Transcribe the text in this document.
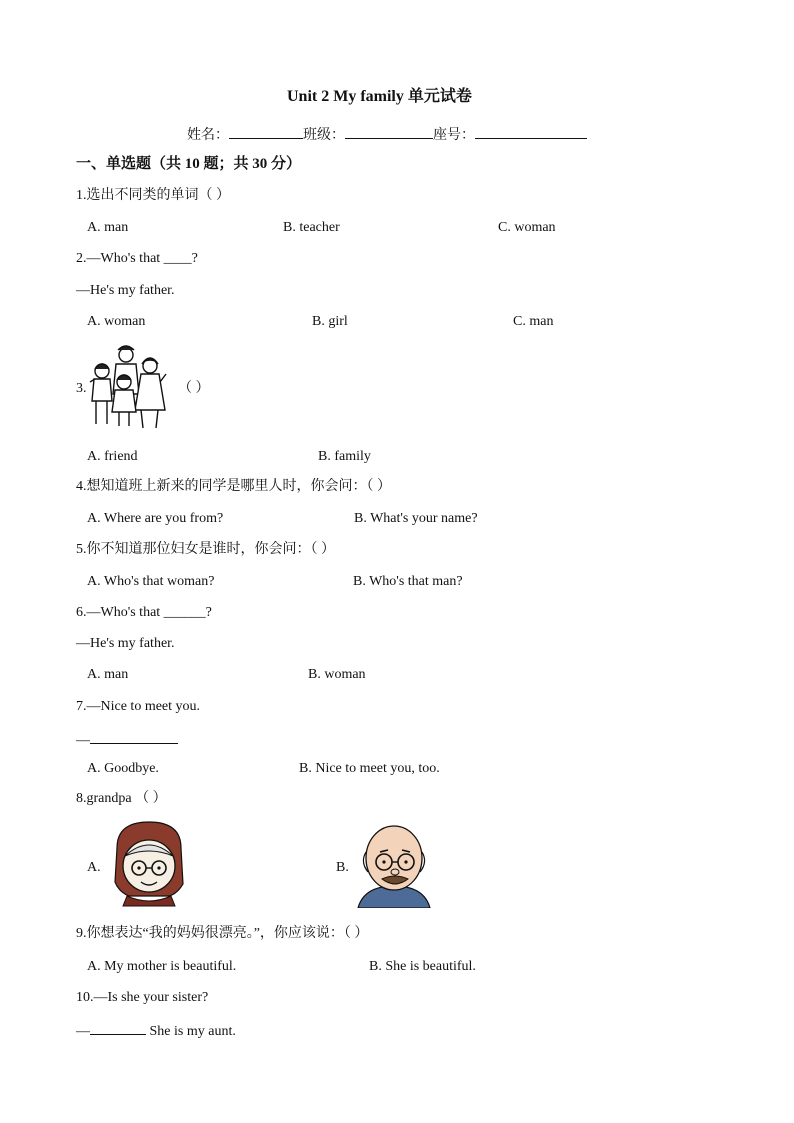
Unit 2 My family 单元试卷
姓名：	班级：	座号：
一、单选题（共 10 题；共 30 分）
1.选出不同类的单词（ ）
A. man	B. teacher	C. woman
2.—Who's that ____?
—He's my father.
A. woman	B. girl	C. man
3.	（ ）
A. friend	B. family
4.想知道班上新来的同学是哪里人时，你会问：（ ）
A. Where are you from?	B. What's your name?
5.你不知道那位妇女是谁时，你会问：（ ）
A. Who's that woman?	B. Who's that man?
6.—Who's that ______?
—He's my father.
A. man	B. woman
7.—Nice to meet you.
—
A. Goodbye.	B. Nice to meet you, too.
8.grandpa （ ）
A.	B.
9.你想表达“我的妈妈很漂亮。”，你应该说：（ ）
A. My mother is beautiful.	B. She is beautiful.
10.—Is she your sister?
—	She is my aunt.
